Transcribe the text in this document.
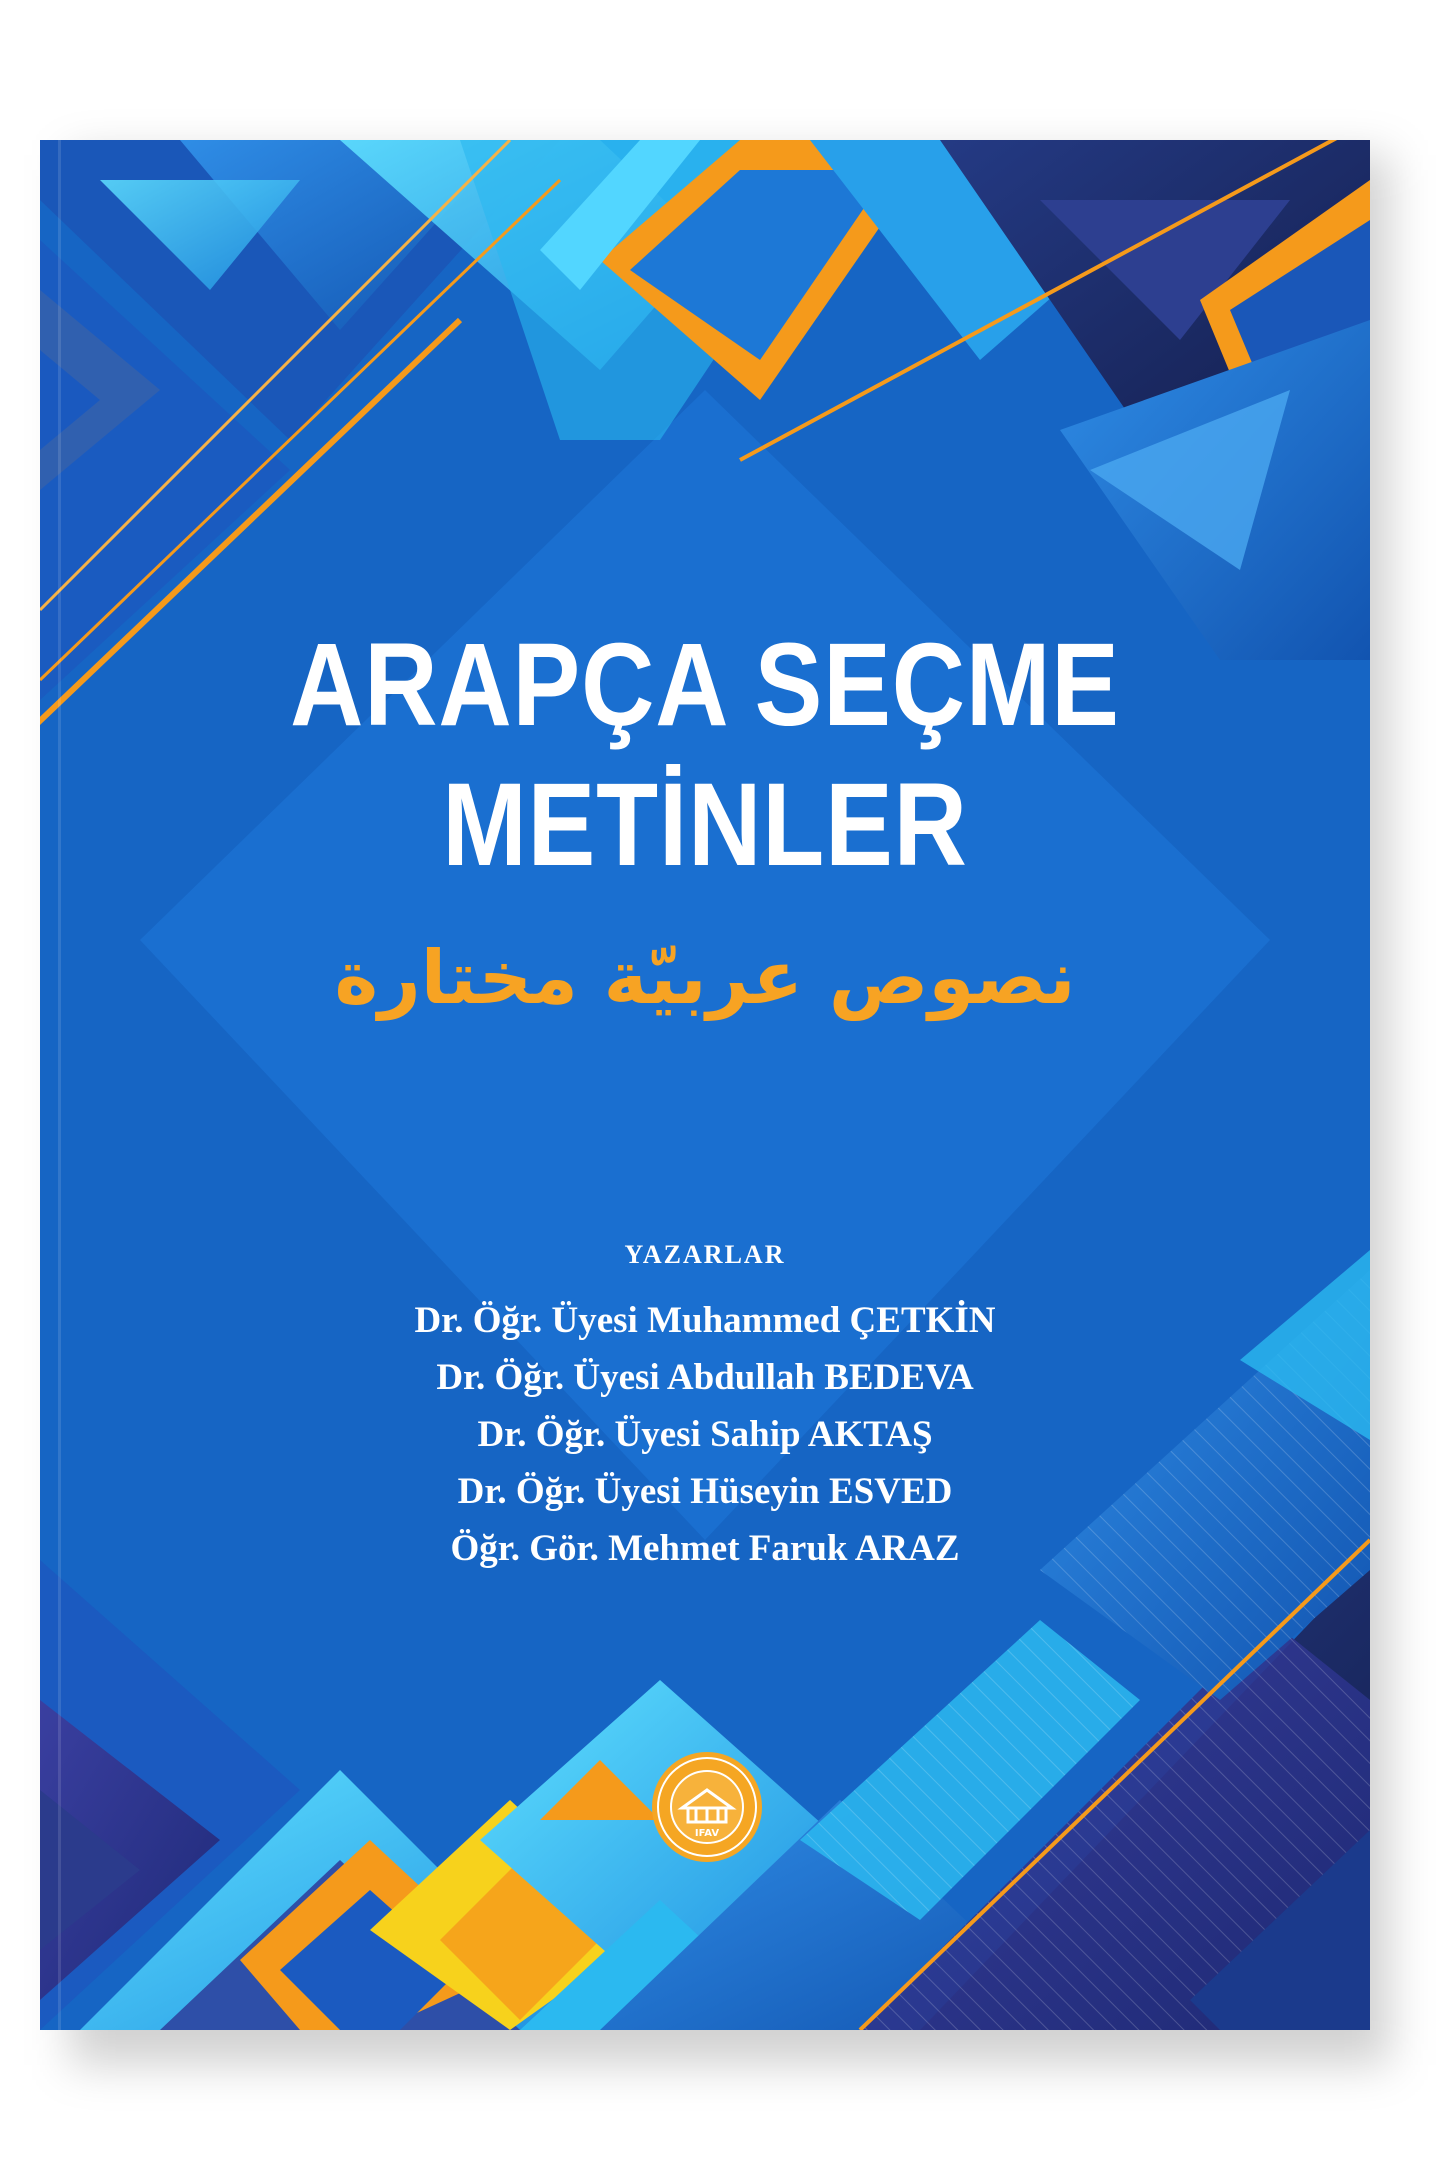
ARAPÇA SEÇME
METİNLER
نصوص عربيّة مختارة
YAZARLAR
Dr. Öğr. Üyesi Muhammed ÇETKİN
Dr. Öğr. Üyesi Abdullah BEDEVA
Dr. Öğr. Üyesi Sahip AKTAŞ
Dr. Öğr. Üyesi Hüseyin ESVED
Öğr. Gör. Mehmet Faruk ARAZ
IFAV
